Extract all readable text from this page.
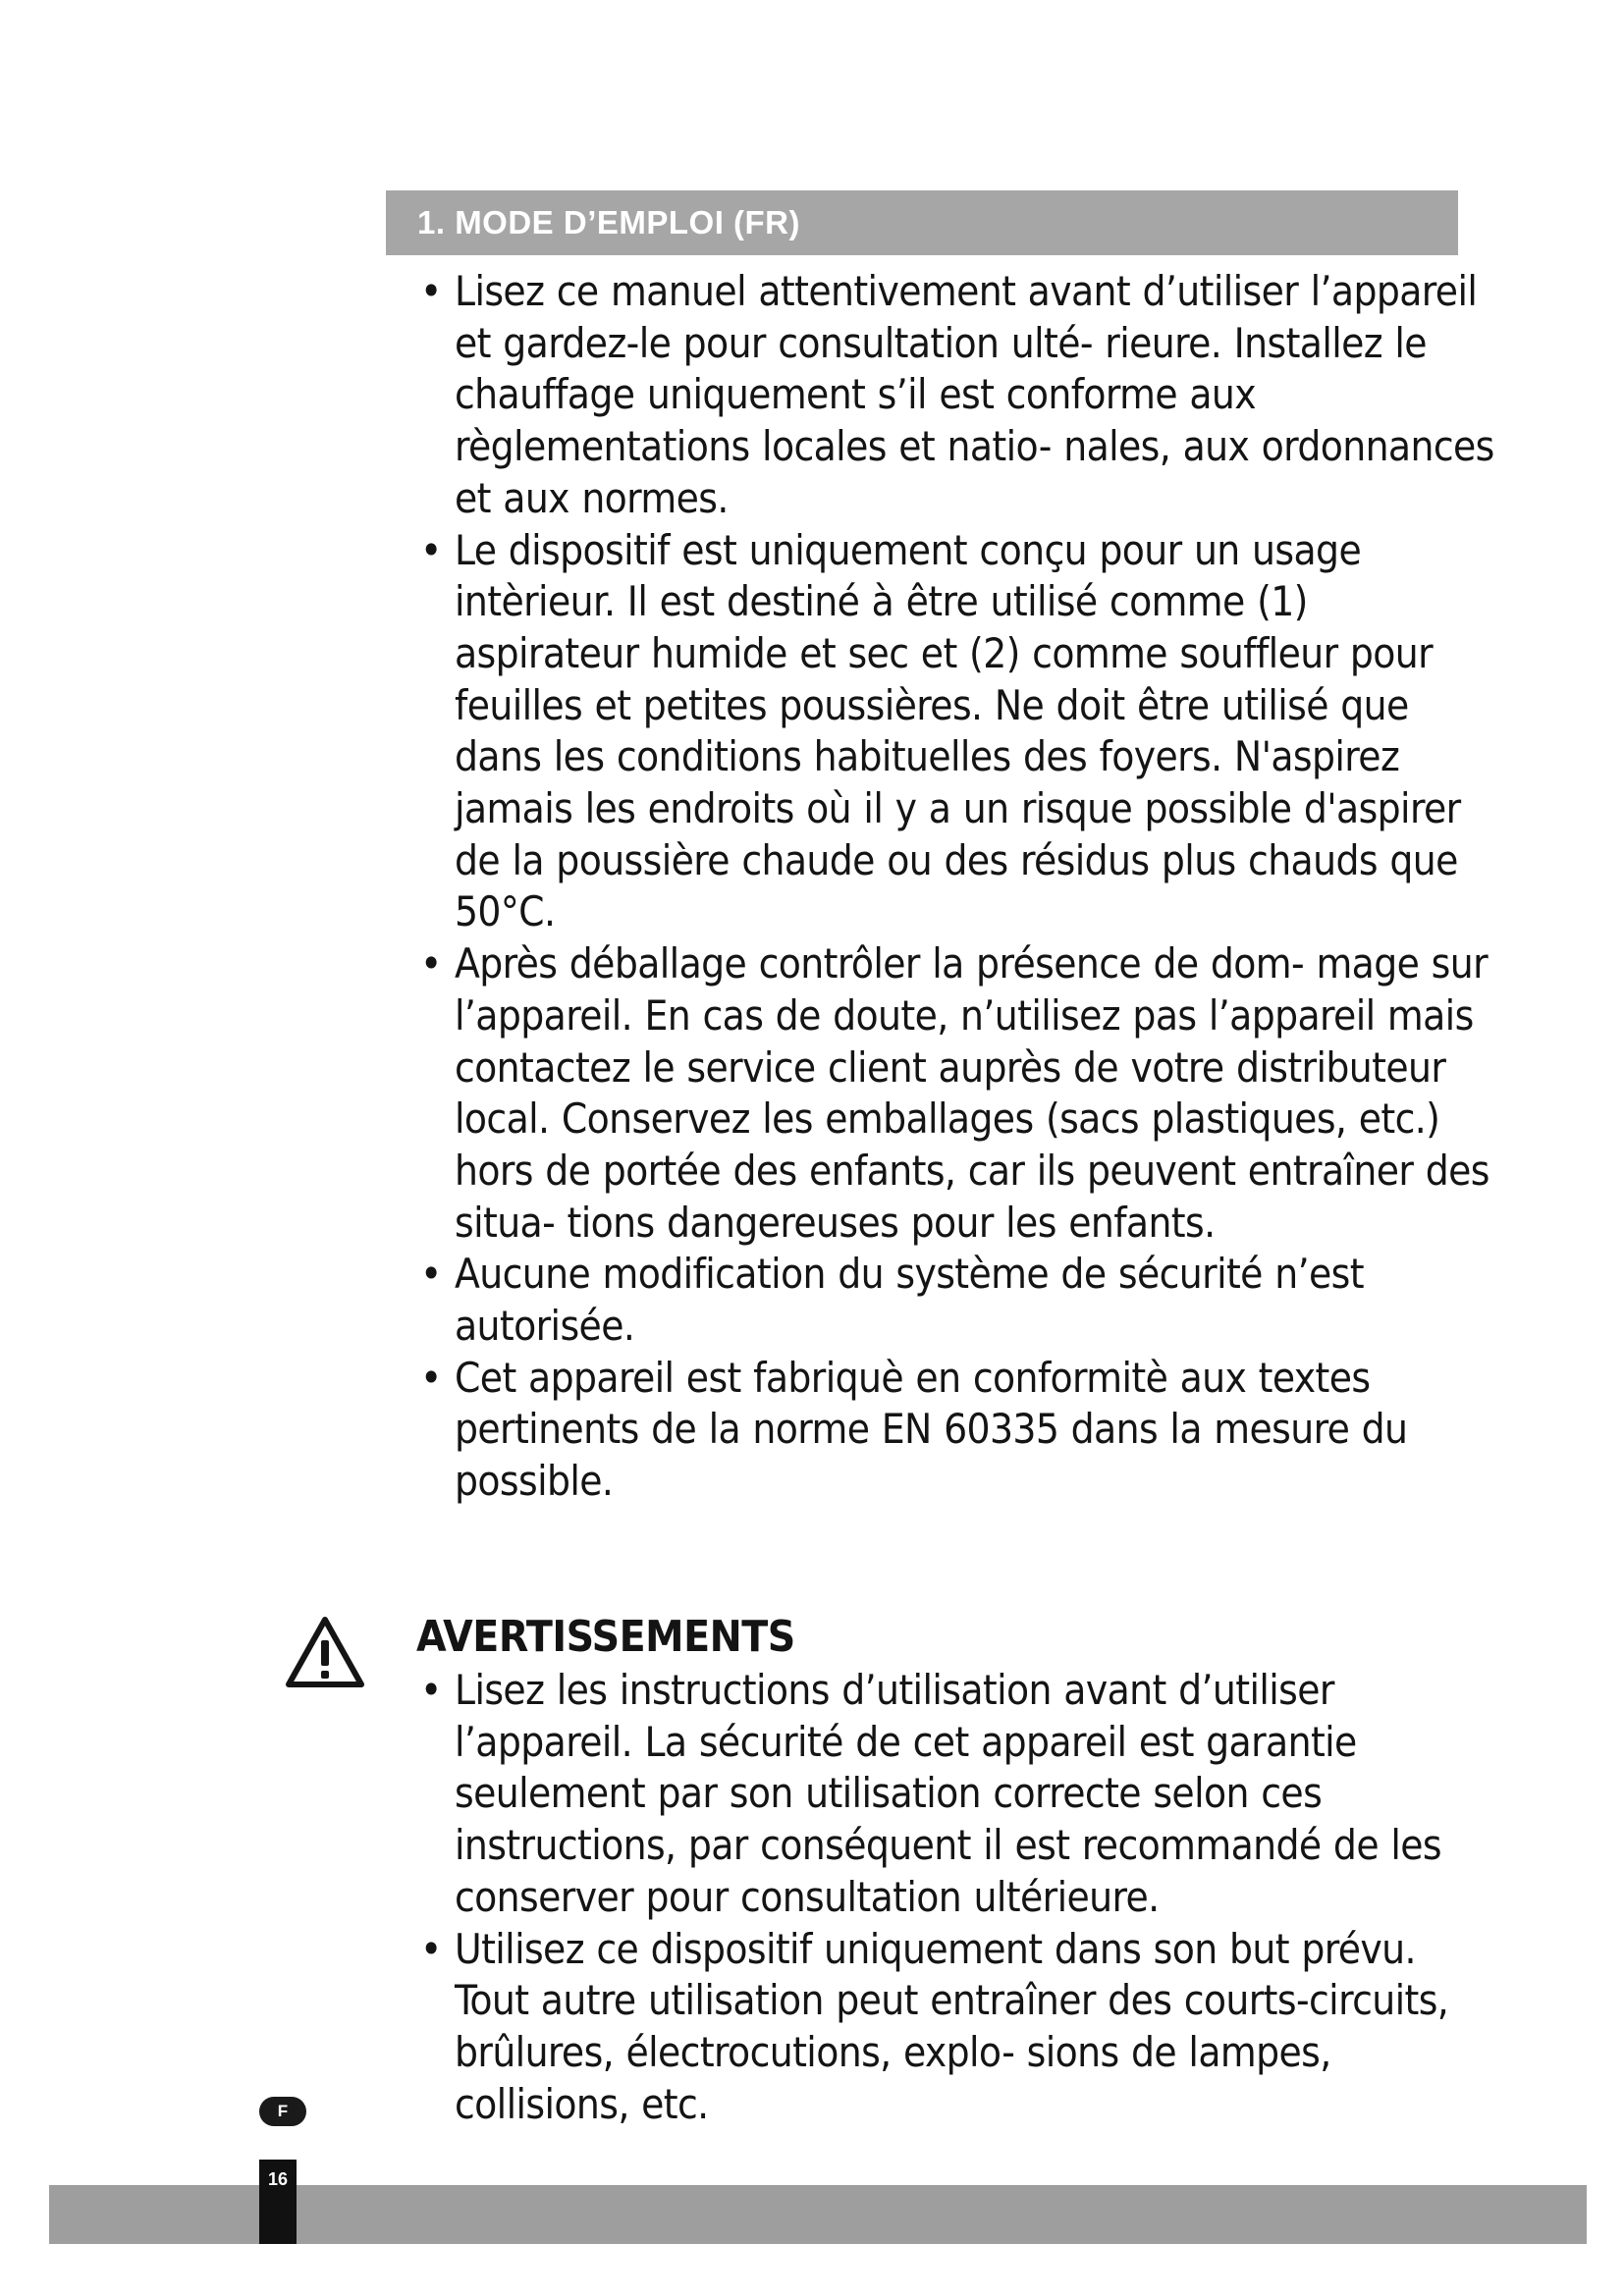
1. MODE D’EMPLOI (FR)
• Lisez ce manuel attentivement avant d’utiliser l’appareil et gardez-le pour consultation ulté- rieure. Installez le chauffage uniquement s’il est conforme aux règlementations locales et natio- nales, aux ordonnances et aux normes.
• Le dispositif est uniquement conçu pour un usage intèrieur. Il est destiné à être utilisé comme (1) aspirateur humide et sec et (2) comme souffleur pour feuilles et petites poussières. Ne doit être utilisé que dans les conditions habituelles des foyers. N'aspirez jamais les endroits où il y a un risque possible d'aspirer de la poussière chaude ou des résidus plus chauds que 50°C.
• Après déballage contrôler la présence de dom- mage sur l’appareil. En cas de doute, n’utilisez pas l’appareil mais contactez le service client auprès de votre distributeur local. Conservez les emballages (sacs plastiques, etc.) hors de portée des enfants, car ils peuvent entraîner des situa- tions dangereuses pour les enfants.
• Aucune modification du système de sécurité n’est autorisée.
• Cet appareil est fabriquè en conformitè aux textes pertinents de la norme EN 60335 dans la mesure du possible.
AVERTISSEMENTS
• Lisez les instructions d’utilisation avant d’utiliser l’appareil. La sécurité de cet appareil est garantie seulement par son utilisation correcte selon ces instructions, par conséquent il est recommandé de les conserver pour consultation ultérieure.
• Utilisez ce dispositif uniquement dans son but prévu. Tout autre utilisation peut entraîner des courts-circuits, brûlures, électrocutions, explo- sions de lampes, collisions, etc.
F
16
